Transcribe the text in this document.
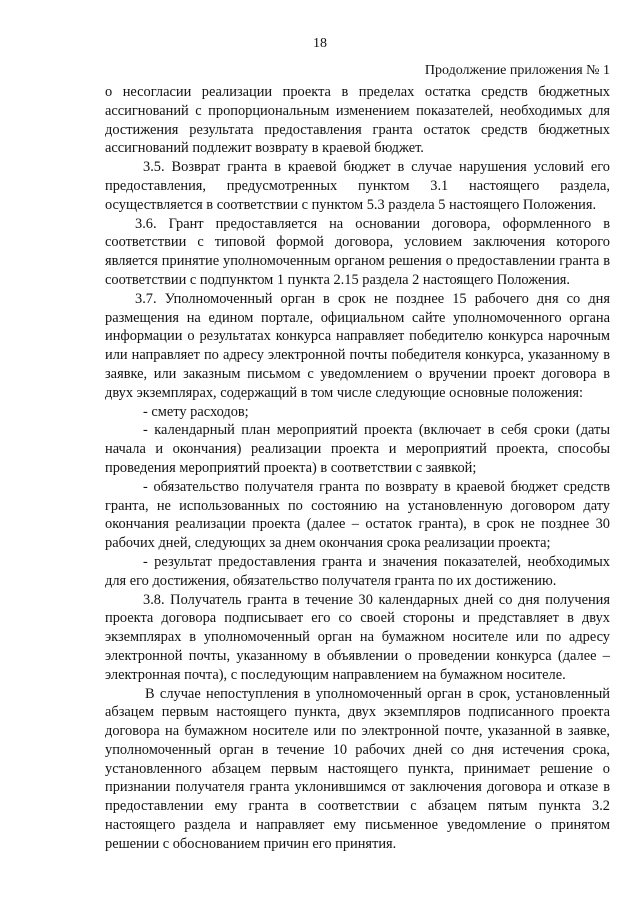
18
Продолжение приложения № 1

о несогласии реализации проекта в пределах остатка средств бюджетных ассигнований с пропорциональным изменением показателей, необходимых для достижения результата предоставления гранта остаток средств бюджетных ассигнований подлежит возврату в краевой бюджет.

3.5. Возврат гранта в краевой бюджет в случае нарушения условий его предоставления, предусмотренных пунктом 3.1 настоящего раздела, осуществляется в соответствии с пунктом 5.3 раздела 5 настоящего Положения.

3.6. Грант предоставляется на основании договора, оформленного в соответствии с типовой формой договора, условием заключения которого является принятие уполномоченным органом решения о предоставлении гранта в соответствии с подпунктом 1 пункта 2.15 раздела 2 настоящего Положения.

3.7. Уполномоченный орган в срок не позднее 15 рабочего дня со дня размещения на едином портале, официальном сайте уполномоченного органа информации о результатах конкурса направляет победителю конкурса нарочным или направляет по адресу электронной почты победителя конкурса, указанному в заявке, или заказным письмом с уведомлением о вручении проект договора в двух экземплярах, содержащий в том числе следующие основные положения:

- смету расходов;

- календарный план мероприятий проекта (включает в себя сроки (даты начала и окончания) реализации проекта и мероприятий проекта, способы проведения мероприятий проекта) в соответствии с заявкой;

- обязательство получателя гранта по возврату в краевой бюджет средств гранта, не использованных по состоянию на установленную договором дату окончания реализации проекта (далее – остаток гранта), в срок не позднее 30 рабочих дней, следующих за днем окончания срока реализации проекта;

- результат предоставления гранта и значения показателей, необходимых для его достижения, обязательство получателя гранта по их достижению.

3.8. Получатель гранта в течение 30 календарных дней со дня получения проекта договора подписывает его со своей стороны и представляет в двух экземплярах в уполномоченный орган на бумажном носителе или по адресу электронной почты, указанному в объявлении о проведении конкурса (далее – электронная почта), с последующим направлением на бумажном носителе.

В случае непоступления в уполномоченный орган в срок, установленный абзацем первым настоящего пункта, двух экземпляров подписанного проекта договора на бумажном носителе или по электронной почте, указанной в заявке, уполномоченный орган в течение 10 рабочих дней со дня истечения срока, установленного абзацем первым настоящего пункта, принимает решение о признании получателя гранта уклонившимся от заключения договора и отказе в предоставлении ему гранта в соответствии с абзацем пятым пункта 3.2 настоящего раздела и направляет ему письменное уведомление о принятом решении с обоснованием причин его принятия.
